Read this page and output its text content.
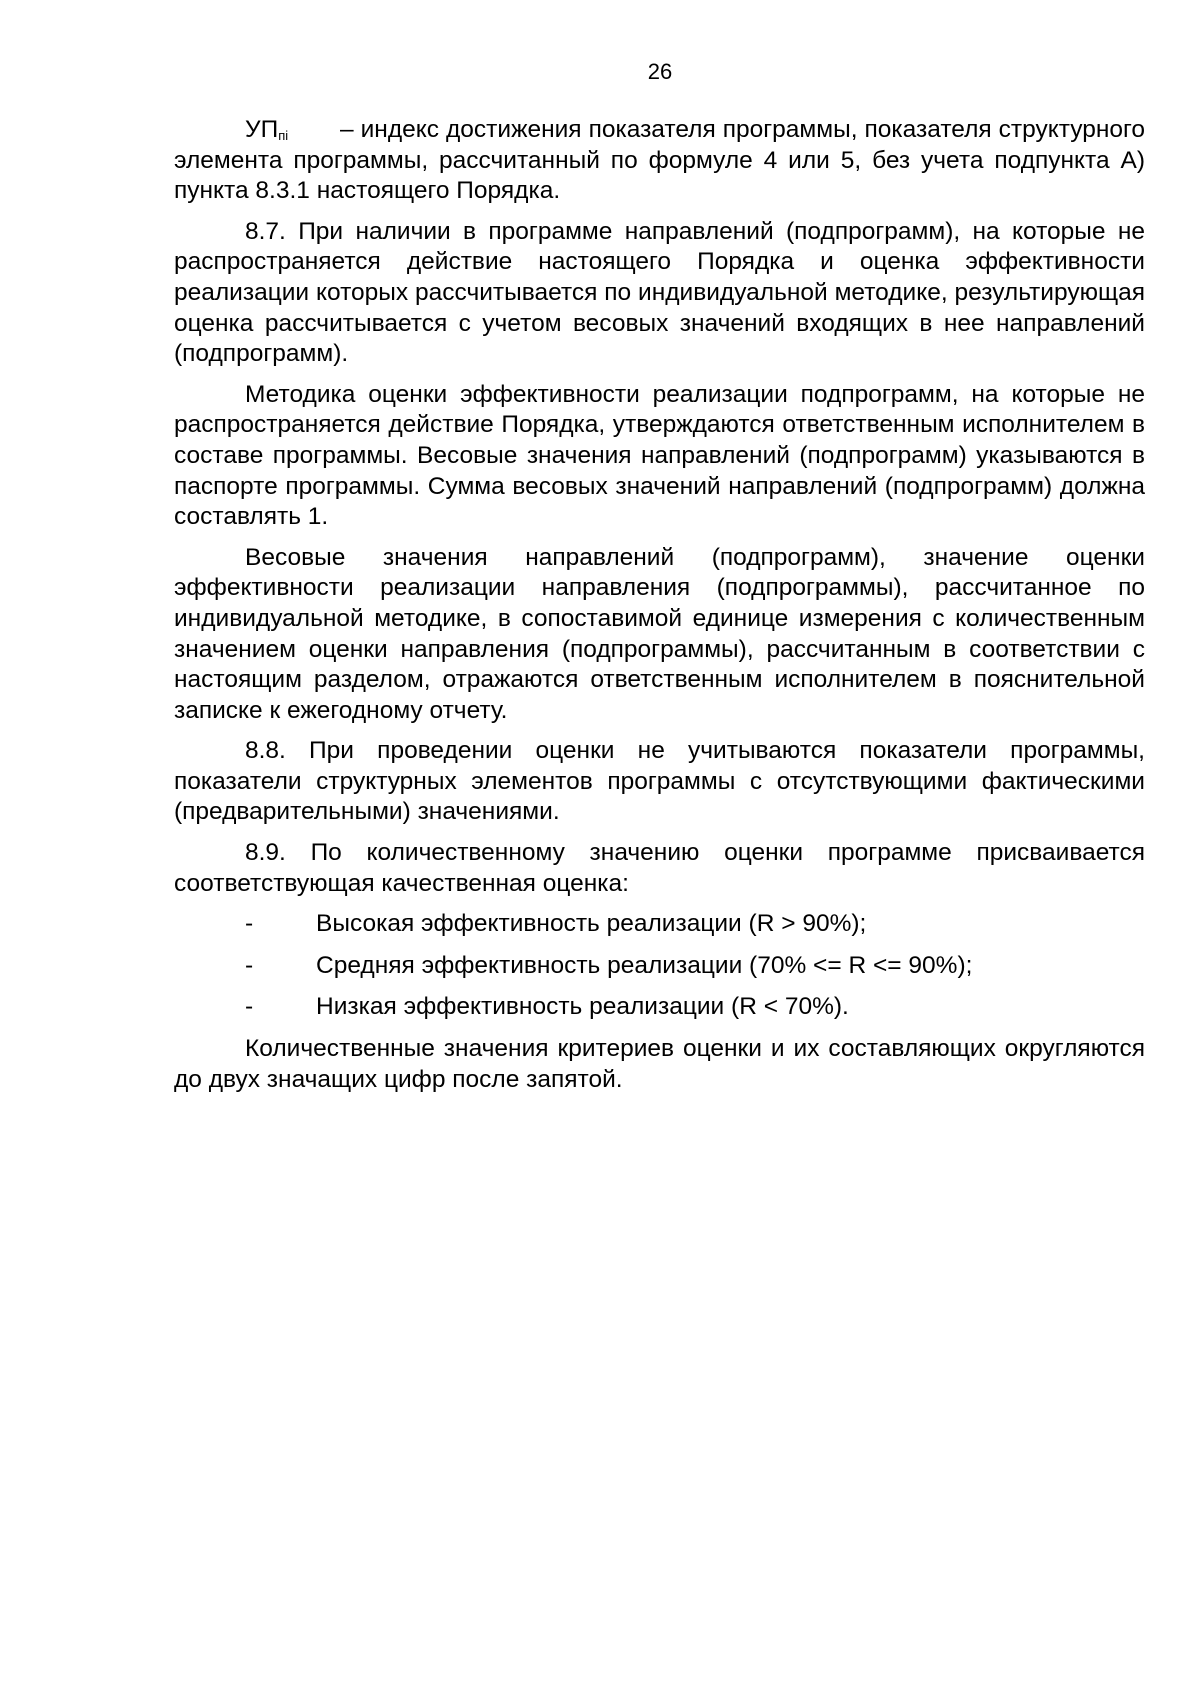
26

$УП_{пi}$ – индекс достижения показателя программы, показателя структурного элемента программы, рассчитанный по формуле 4 или 5, без учета подпункта А) пункта 8.3.1 настоящего Порядка.

8.7. При наличии в программе направлений (подпрограмм), на которые не распространяется действие настоящего Порядка и оценка эффективности реализации которых рассчитывается по индивидуальной методике, результирующая оценка рассчитывается с учетом весовых значений входящих в нее направлений (подпрограмм).

Методика оценки эффективности реализации подпрограмм, на которые не распространяется действие Порядка, утверждаются ответственным исполнителем в составе программы. Весовые значения направлений (подпрограмм) указываются в паспорте программы. Сумма весовых значений направлений (подпрограмм) должна составлять 1.

Весовые значения направлений (подпрограмм), значение оценки эффективности реализации направления (подпрограммы), рассчитанное по индивидуальной методике, в сопоставимой единице измерения с количественным значением оценки направления (подпрограммы), рассчитанным в соответствии с настоящим разделом, отражаются ответственным исполнителем в пояснительной записке к ежегодному отчету.

8.8. При проведении оценки не учитываются показатели программы, показатели структурных элементов программы с отсутствующими фактическими (предварительными) значениями.

8.9. По количественному значению оценки программе присваивается соответствующая качественная оценка:

-	Высокая эффективность реализации (R > 90%);
-	Средняя эффективность реализации (70% <= R <= 90%);
-	Низкая эффективность реализации (R < 70%).

Количественные значения критериев оценки и их составляющих округляются до двух значащих цифр после запятой.
